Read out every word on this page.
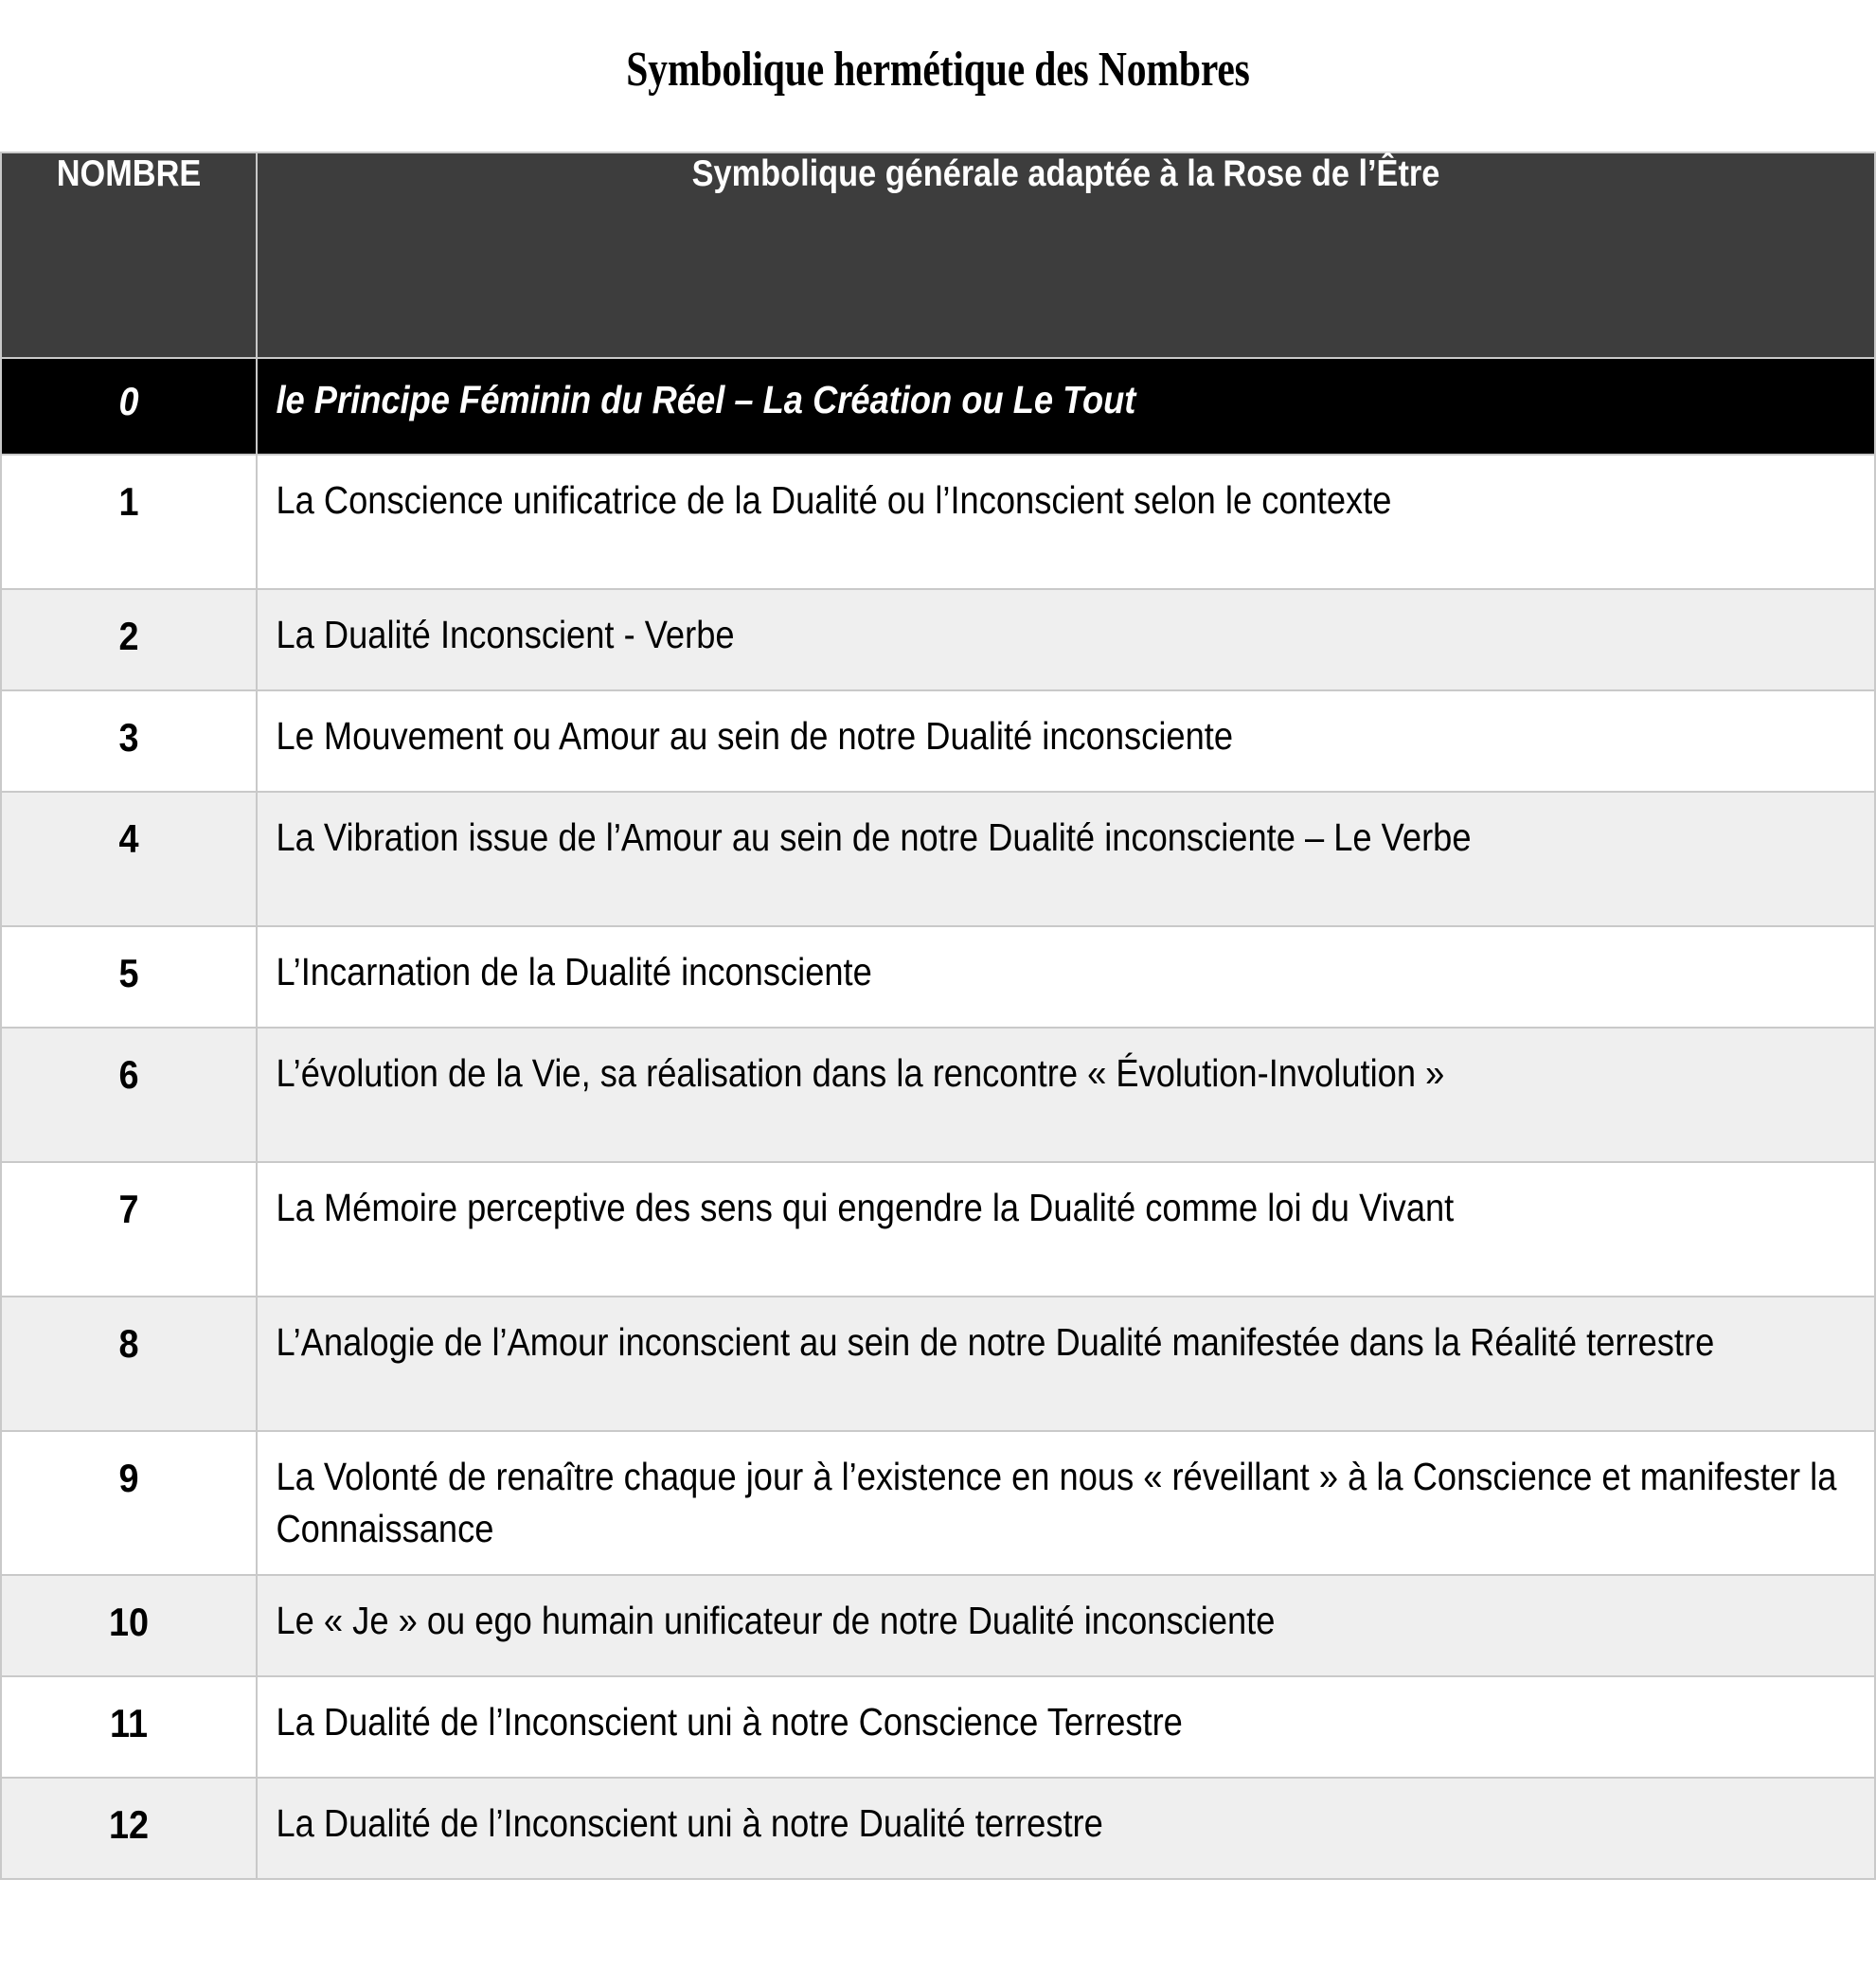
Symbolique hermétique des Nombres
NOMBRE	Symbolique générale adaptée à la Rose de l’Être

0	le Principe Féminin du Réel – La Création ou Le Tout

1	La Conscience unificatrice de la Dualité ou l’Inconscient selon le contexte

2	La Dualité Inconscient - Verbe

3	Le Mouvement ou Amour au sein de notre Dualité inconsciente

4	La Vibration issue de l’Amour au sein de notre Dualité inconsciente – Le Verbe

5	L’Incarnation de la Dualité inconsciente

6	L’évolution de la Vie, sa réalisation dans la rencontre « Évolution-Involution »

7	La Mémoire perceptive des sens qui engendre la Dualité comme loi du Vivant

8	L’Analogie de l’Amour inconscient au sein de notre Dualité manifestée dans la Réalité terrestre

9	La Volonté de renaître chaque jour à l’existence en nous « réveillant » à la Conscience et manifester la Connaissance

10	Le « Je » ou ego humain unificateur de notre Dualité inconsciente

11	La Dualité de l’Inconscient uni à notre Conscience Terrestre

12	La Dualité de l’Inconscient uni à notre Dualité terrestre
